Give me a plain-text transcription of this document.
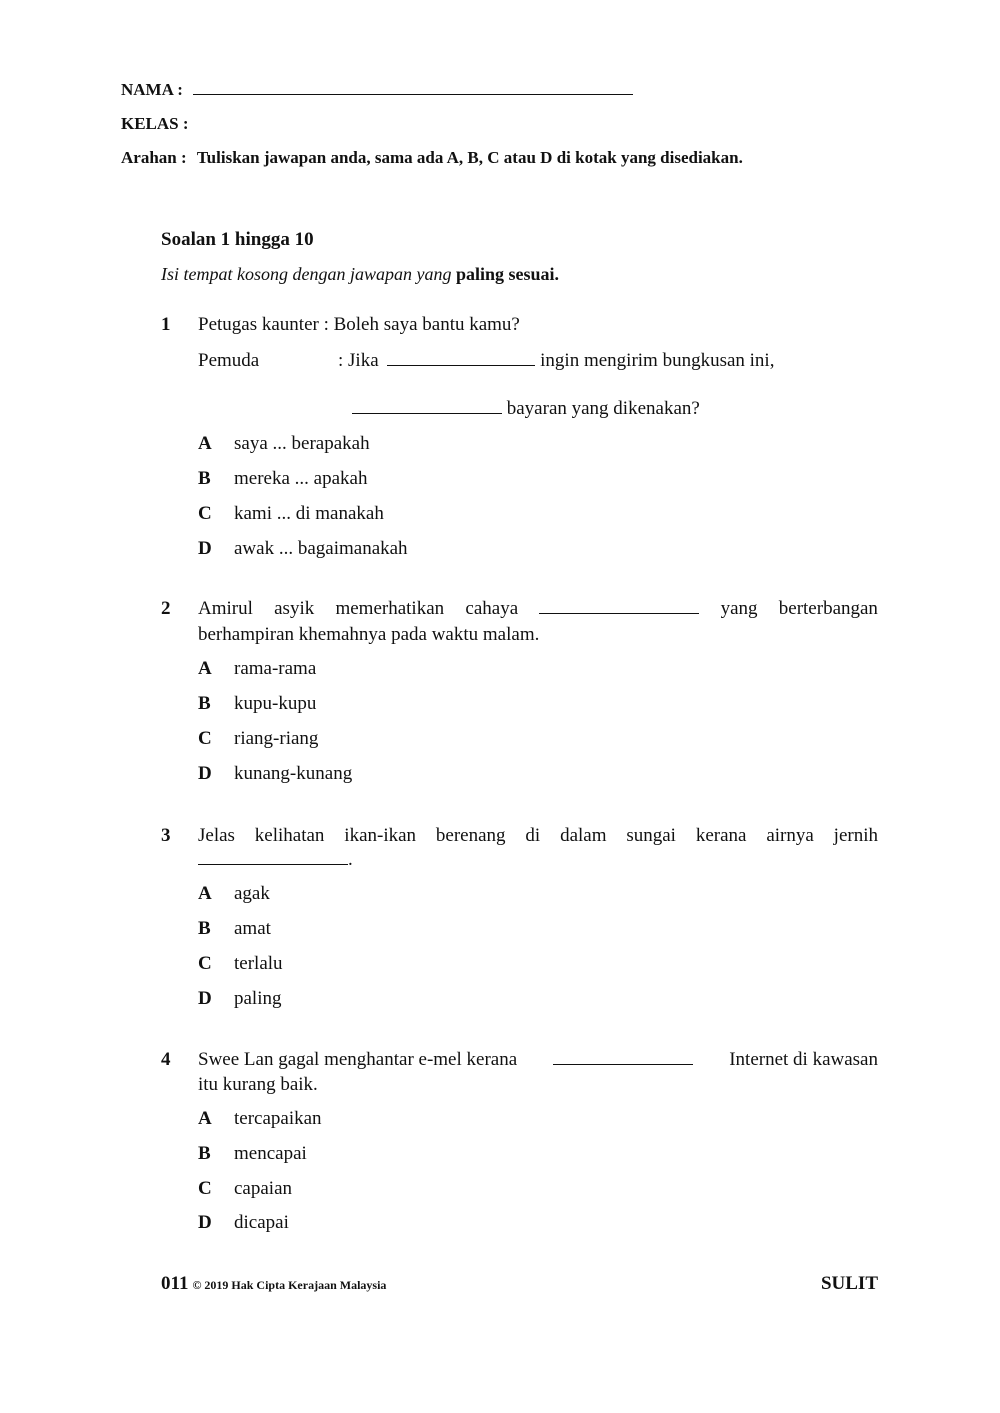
NAMA :
KELAS :
Arahan : Tuliskan jawapan anda, sama ada A, B, C atau D di kotak yang disediakan.
Soalan 1 hingga 10
Isi tempat kosong dengan jawapan yang paling sesuai.
1 Petugas kaunter : Boleh saya bantu kamu?
Pemuda	: Jika	ingin mengirim bungkusan ini,
bayaran yang dikenakan?
A saya ... berapakah
B mereka ... apakah
C kami ... di manakah
D awak ... bagaimanakah
2 Amirul asyik memerhatikan cahaya	yang berterbangan
berhampiran khemahnya pada waktu malam.
A rama-rama
B kupu-kupu
C riang-riang
D kunang-kunang
3 Jelas kelihatan ikan-ikan berenang di dalam sungai kerana airnya jernih
.
A agak
B amat
C terlalu
D paling
4 Swee Lan gagal menghantar e-mel kerana	Internet di kawasan
itu kurang baik.
A tercapaikan
B mencapai
C capaian
D dicapai
011 © 2019 Hak Cipta Kerajaan Malaysia	SULIT
